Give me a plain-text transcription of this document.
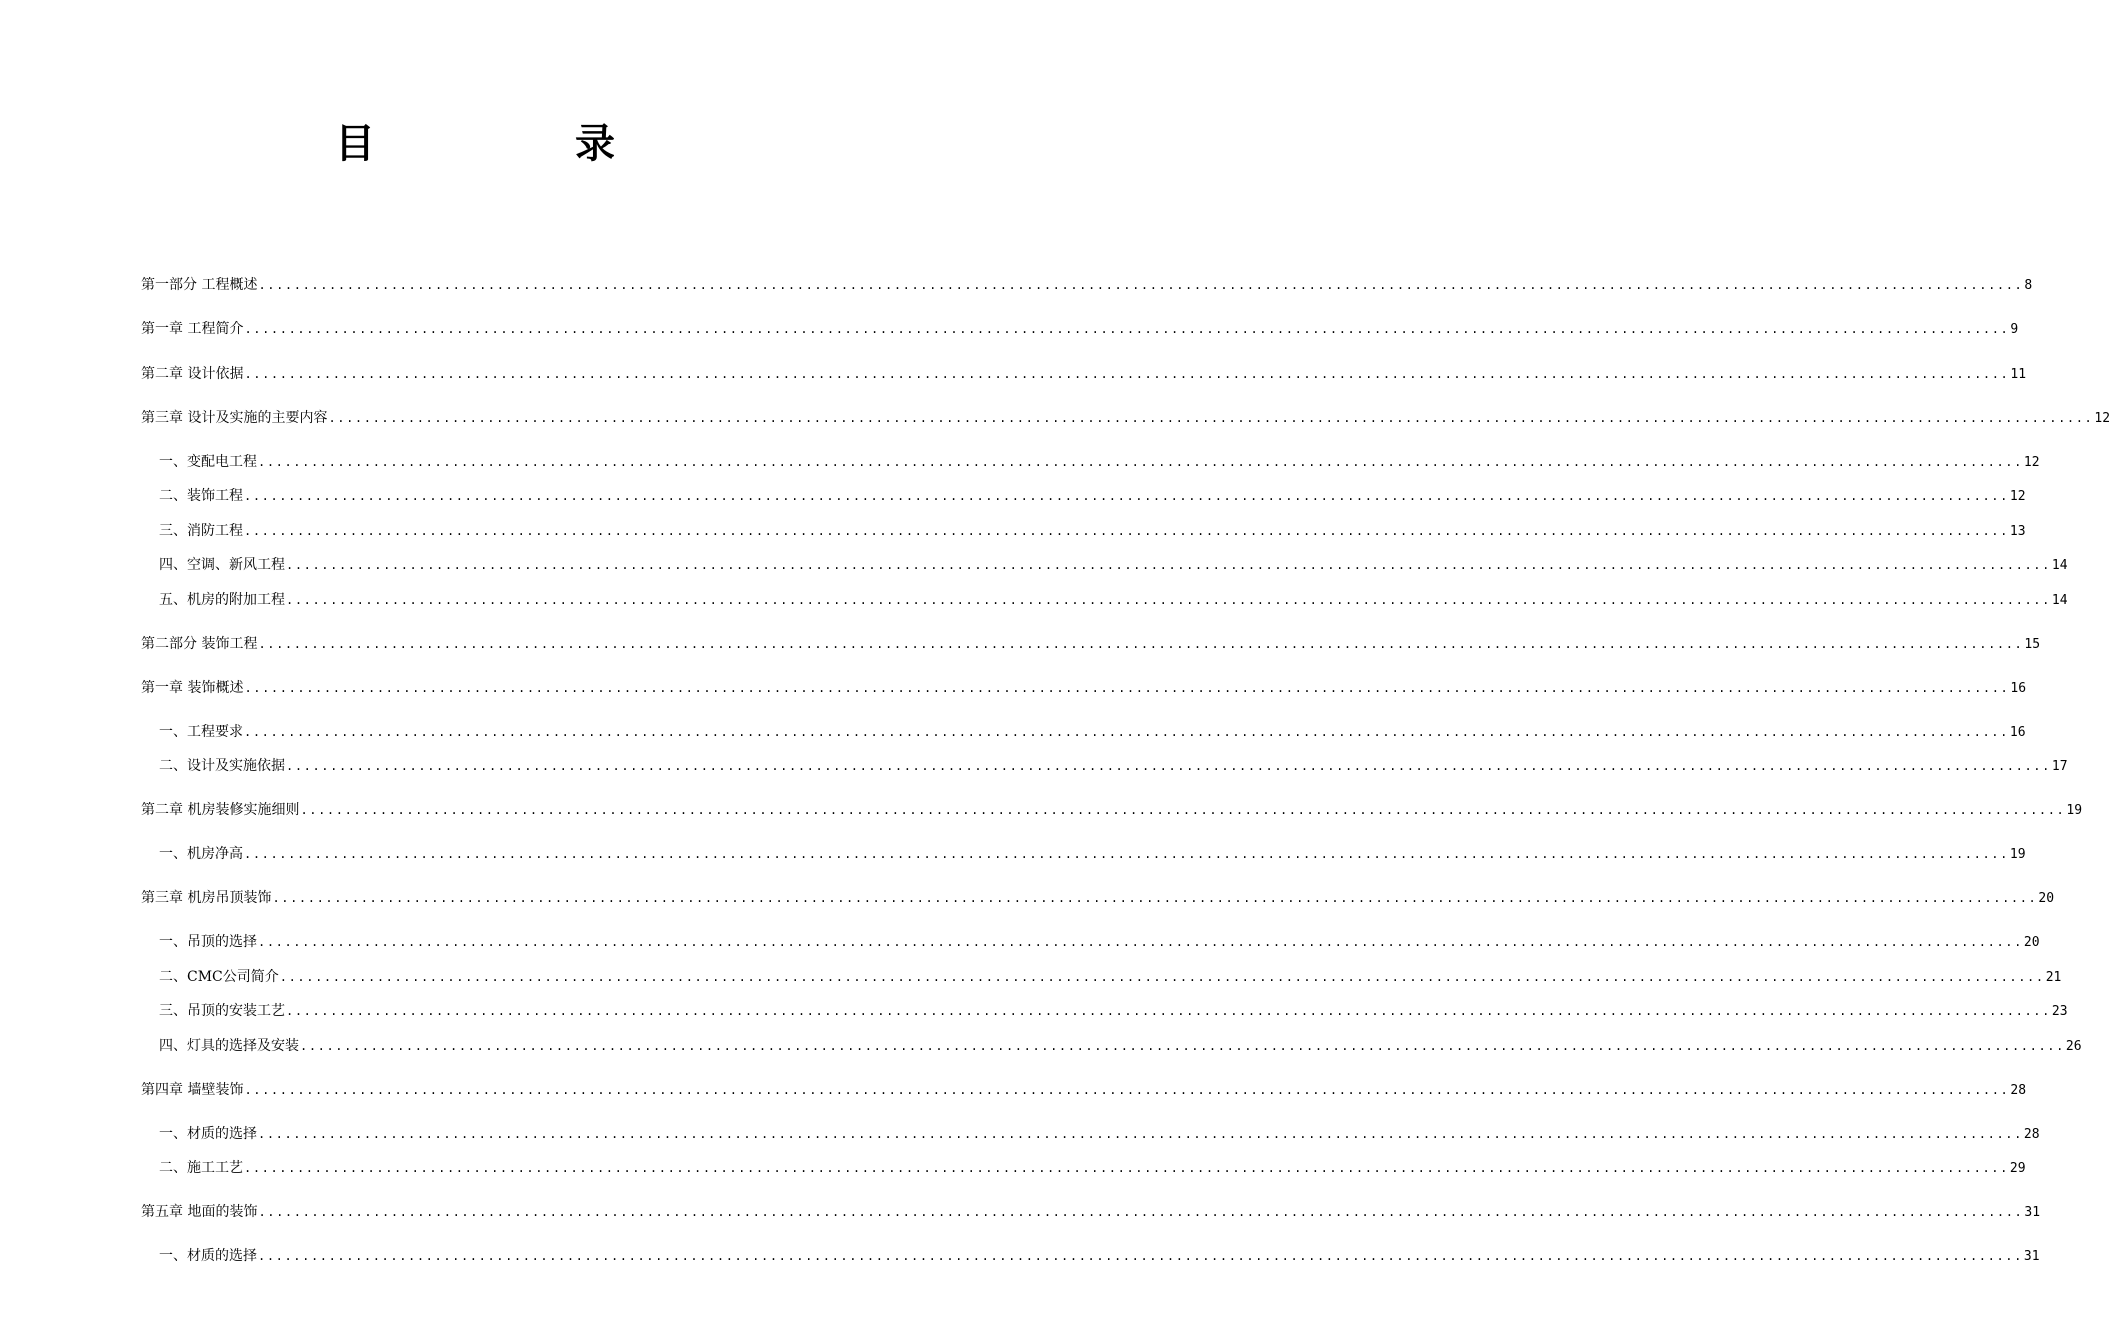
目　录
第一部分 工程概述 ........................................................................................................................................................................................................ 8
第一章 工程简介 ........................................................................................................................................................................................................ 9
第二章 设计依据 ........................................................................................................................................................................................................ 11
第三章 设计及实施的主要内容 ........................................................................................................................................................................................................ 12
一、变配电工程 ........................................................................................................................................................................................................ 12
二、装饰工程 ........................................................................................................................................................................................................ 12
三、消防工程 ........................................................................................................................................................................................................ 13
四、空调、新风工程 ........................................................................................................................................................................................................ 14
五、机房的附加工程 ........................................................................................................................................................................................................ 14
第二部分 装饰工程 ........................................................................................................................................................................................................ 15
第一章 装饰概述 ........................................................................................................................................................................................................ 16
一、工程要求 ........................................................................................................................................................................................................ 16
二、设计及实施依据 ........................................................................................................................................................................................................ 17
第二章 机房装修实施细则 ........................................................................................................................................................................................................ 19
一、机房净高 ........................................................................................................................................................................................................ 19
第三章 机房吊顶装饰 ........................................................................................................................................................................................................ 20
一、吊顶的选择 ........................................................................................................................................................................................................ 20
二、CMC公司简介 ........................................................................................................................................................................................................ 21
三、吊顶的安装工艺 ........................................................................................................................................................................................................ 23
四、灯具的选择及安装 ........................................................................................................................................................................................................ 26
第四章 墙壁装饰 ........................................................................................................................................................................................................ 28
一、材质的选择 ........................................................................................................................................................................................................ 28
二、施工工艺 ........................................................................................................................................................................................................ 29
第五章 地面的装饰 ........................................................................................................................................................................................................ 31
一、材质的选择 ........................................................................................................................................................................................................ 31
